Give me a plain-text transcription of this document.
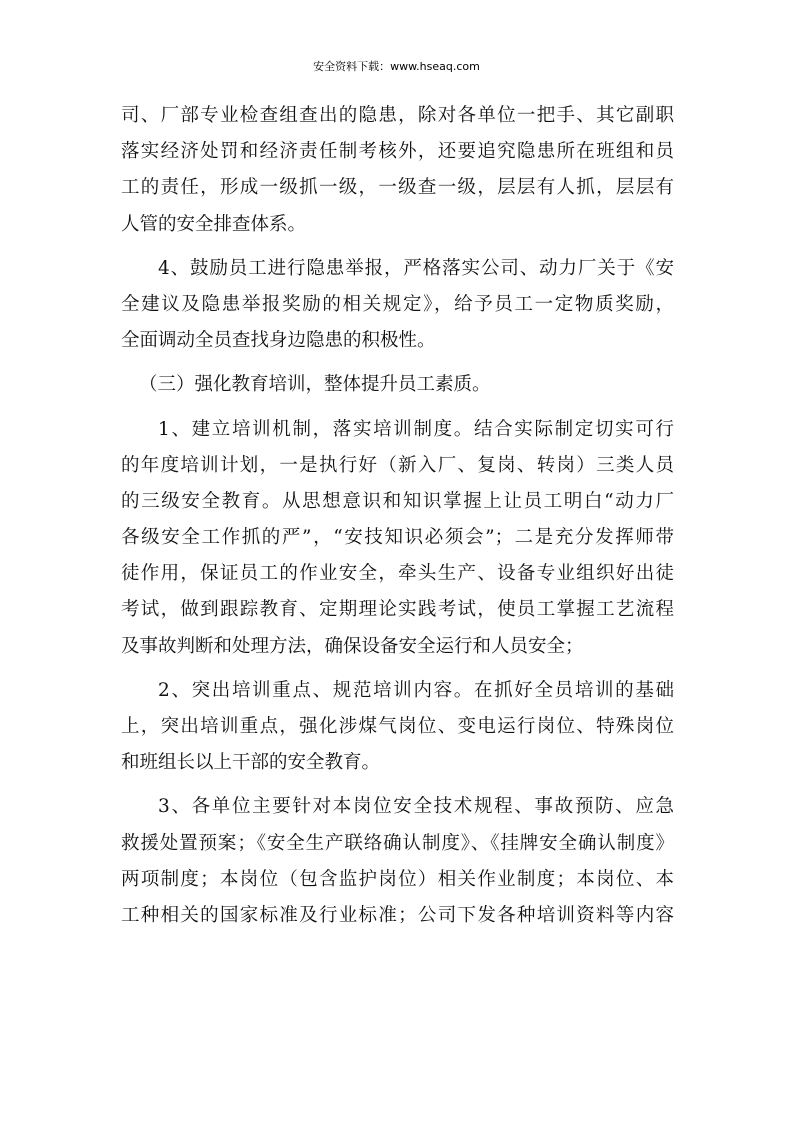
安全资料下载：www.hseaq.com
司、厂部专业检查组查出的隐患，除对各单位一把手、其它副职
落实经济处罚和经济责任制考核外，还要追究隐患所在班组和员
工的责任，形成一级抓一级，一级查一级，层层有人抓，层层有
人管的安全排查体系。
4、鼓励员工进行隐患举报，严格落实公司、动力厂关于《安
全建议及隐患举报奖励的相关规定》，给予员工一定物质奖励，
全面调动全员查找身边隐患的积极性。
（三）强化教育培训，整体提升员工素质。
1、建立培训机制，落实培训制度。结合实际制定切实可行
的年度培训计划，一是执行好（新入厂、复岗、转岗）三类人员
的三级安全教育。从思想意识和知识掌握上让员工明白“动力厂
各级安全工作抓的严”，“安技知识必须会”；二是充分发挥师带
徒作用，保证员工的作业安全，牵头生产、设备专业组织好出徒
考试，做到跟踪教育、定期理论实践考试，使员工掌握工艺流程
及事故判断和处理方法，确保设备安全运行和人员安全；
2、突出培训重点、规范培训内容。在抓好全员培训的基础
上，突出培训重点，强化涉煤气岗位、变电运行岗位、特殊岗位
和班组长以上干部的安全教育。
3、各单位主要针对本岗位安全技术规程、事故预防、应急
救援处置预案；《安全生产联络确认制度》、《挂牌安全确认制度》
两项制度；本岗位（包含监护岗位）相关作业制度；本岗位、本
工种相关的国家标准及行业标准；公司下发各种培训资料等内容
